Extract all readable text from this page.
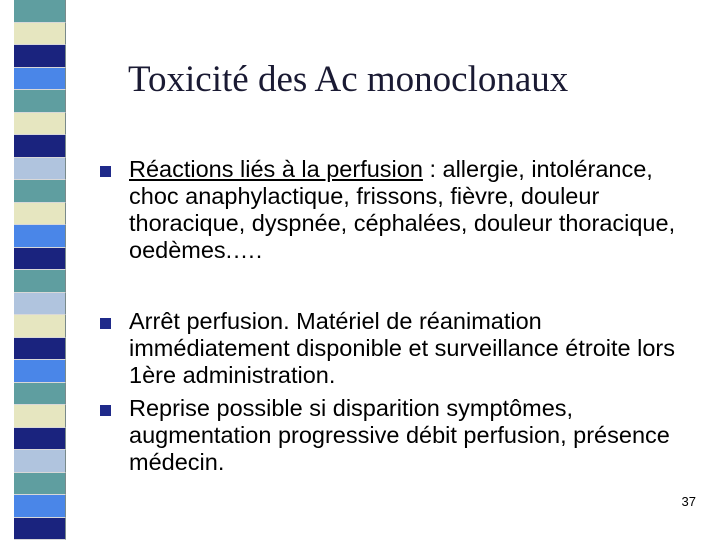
Toxicité des Ac monoclonaux
Réactions liés à la perfusion : allergie, intolérance, choc anaphylactique, frissons, fièvre, douleur thoracique, dyspnée, céphalées, douleur thoracique, oedèmes.….
Arrêt perfusion. Matériel de réanimation immédiatement disponible et surveillance étroite lors 1ère administration.
Reprise possible si disparition symptômes, augmentation progressive débit perfusion, présence médecin.
37
